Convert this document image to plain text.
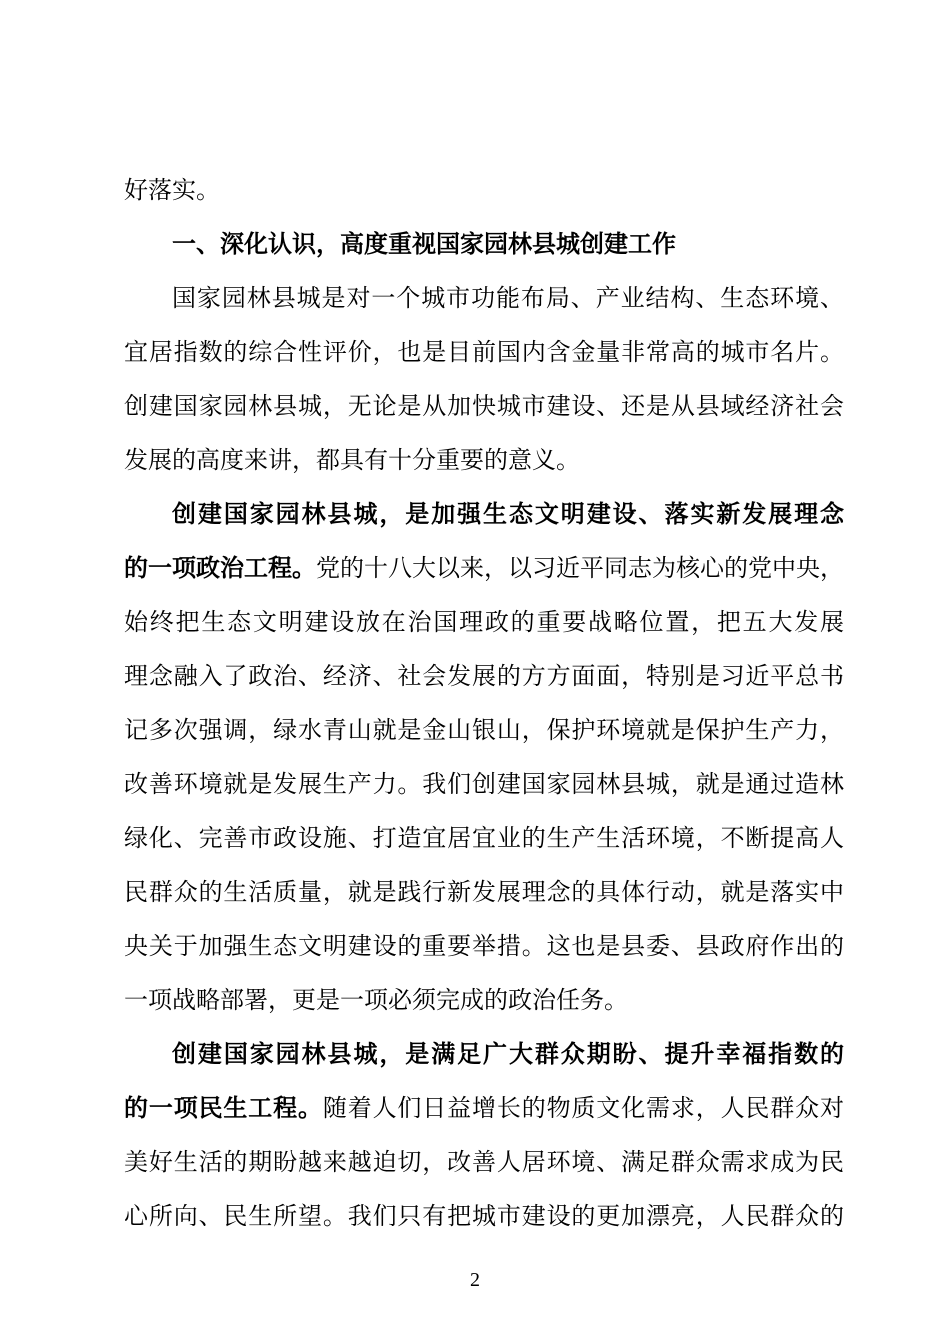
好落实。
一、深化认识，高度重视国家园林县城创建工作
国家园林县城是对一个城市功能布局、产业结构、生态环境、
宜居指数的综合性评价，也是目前国内含金量非常高的城市名片。
创建国家园林县城，无论是从加快城市建设、还是从县域经济社会
发展的高度来讲，都具有十分重要的意义。
创建国家园林县城，是加强生态文明建设、落实新发展理念
的一项政治工程。党的十八大以来，以习近平同志为核心的党中央，
始终把生态文明建设放在治国理政的重要战略位置，把五大发展
理念融入了政治、经济、社会发展的方方面面，特别是习近平总书
记多次强调，绿水青山就是金山银山，保护环境就是保护生产力，
改善环境就是发展生产力。我们创建国家园林县城，就是通过造林
绿化、完善市政设施、打造宜居宜业的生产生活环境，不断提高人
民群众的生活质量，就是践行新发展理念的具体行动，就是落实中
央关于加强生态文明建设的重要举措。这也是县委、县政府作出的
一项战略部署，更是一项必须完成的政治任务。
创建国家园林县城，是满足广大群众期盼、提升幸福指数的
的一项民生工程。随着人们日益增长的物质文化需求，人民群众对
美好生活的期盼越来越迫切，改善人居环境、满足群众需求成为民
心所向、民生所望。我们只有把城市建设的更加漂亮，人民群众的
2
